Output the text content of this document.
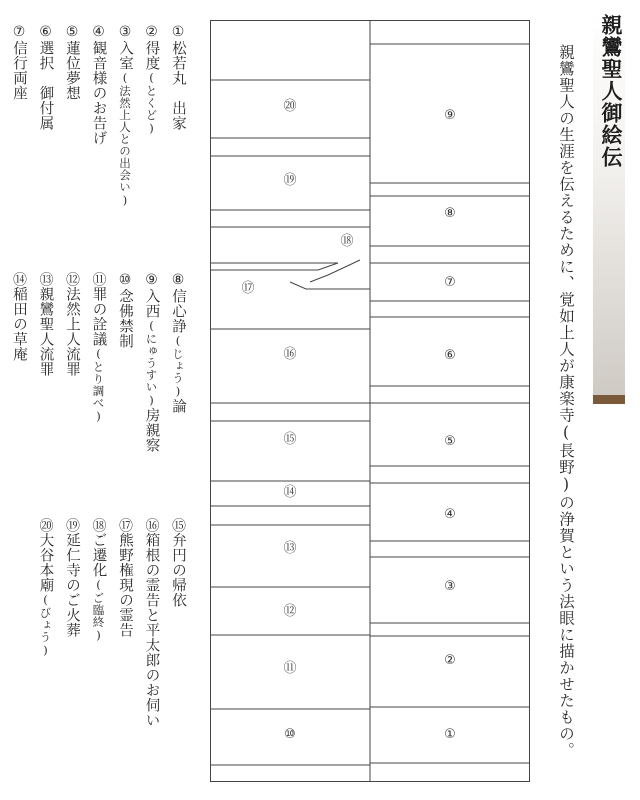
親鸞聖人御絵伝
親鸞聖人の生涯を伝えるために、覚如上人が康楽寺(長野)の浄賀という法眼に描かせたもの。
①松若丸　出家
②得度(とくど)
③入室(法然上人との出会い)
④観音様のお告げ
⑤蓮位夢想
⑥選択　御付属
⑦信行両座
⑧信心諍(じょう)論
⑨入西(にゅうすい)房親察
⑩念佛禁制
⑪罪の詮議(とり調べ)
⑫法然上人流罪
⑬親鸞聖人流罪
⑭稲田の草庵
⑮弁円の帰依
⑯箱根の霊告と平太郎のお伺い
⑰熊野権現の霊告
⑱ご遷化(ご臨終)
⑲延仁寺のご火葬
⑳大谷本廟(びょう)
⑳
⑲
⑱
⑰
⑯
⑮
⑭
⑬
⑫
⑪
⑩
⑨
⑧
⑦
⑥
⑤
④
③
②
①
